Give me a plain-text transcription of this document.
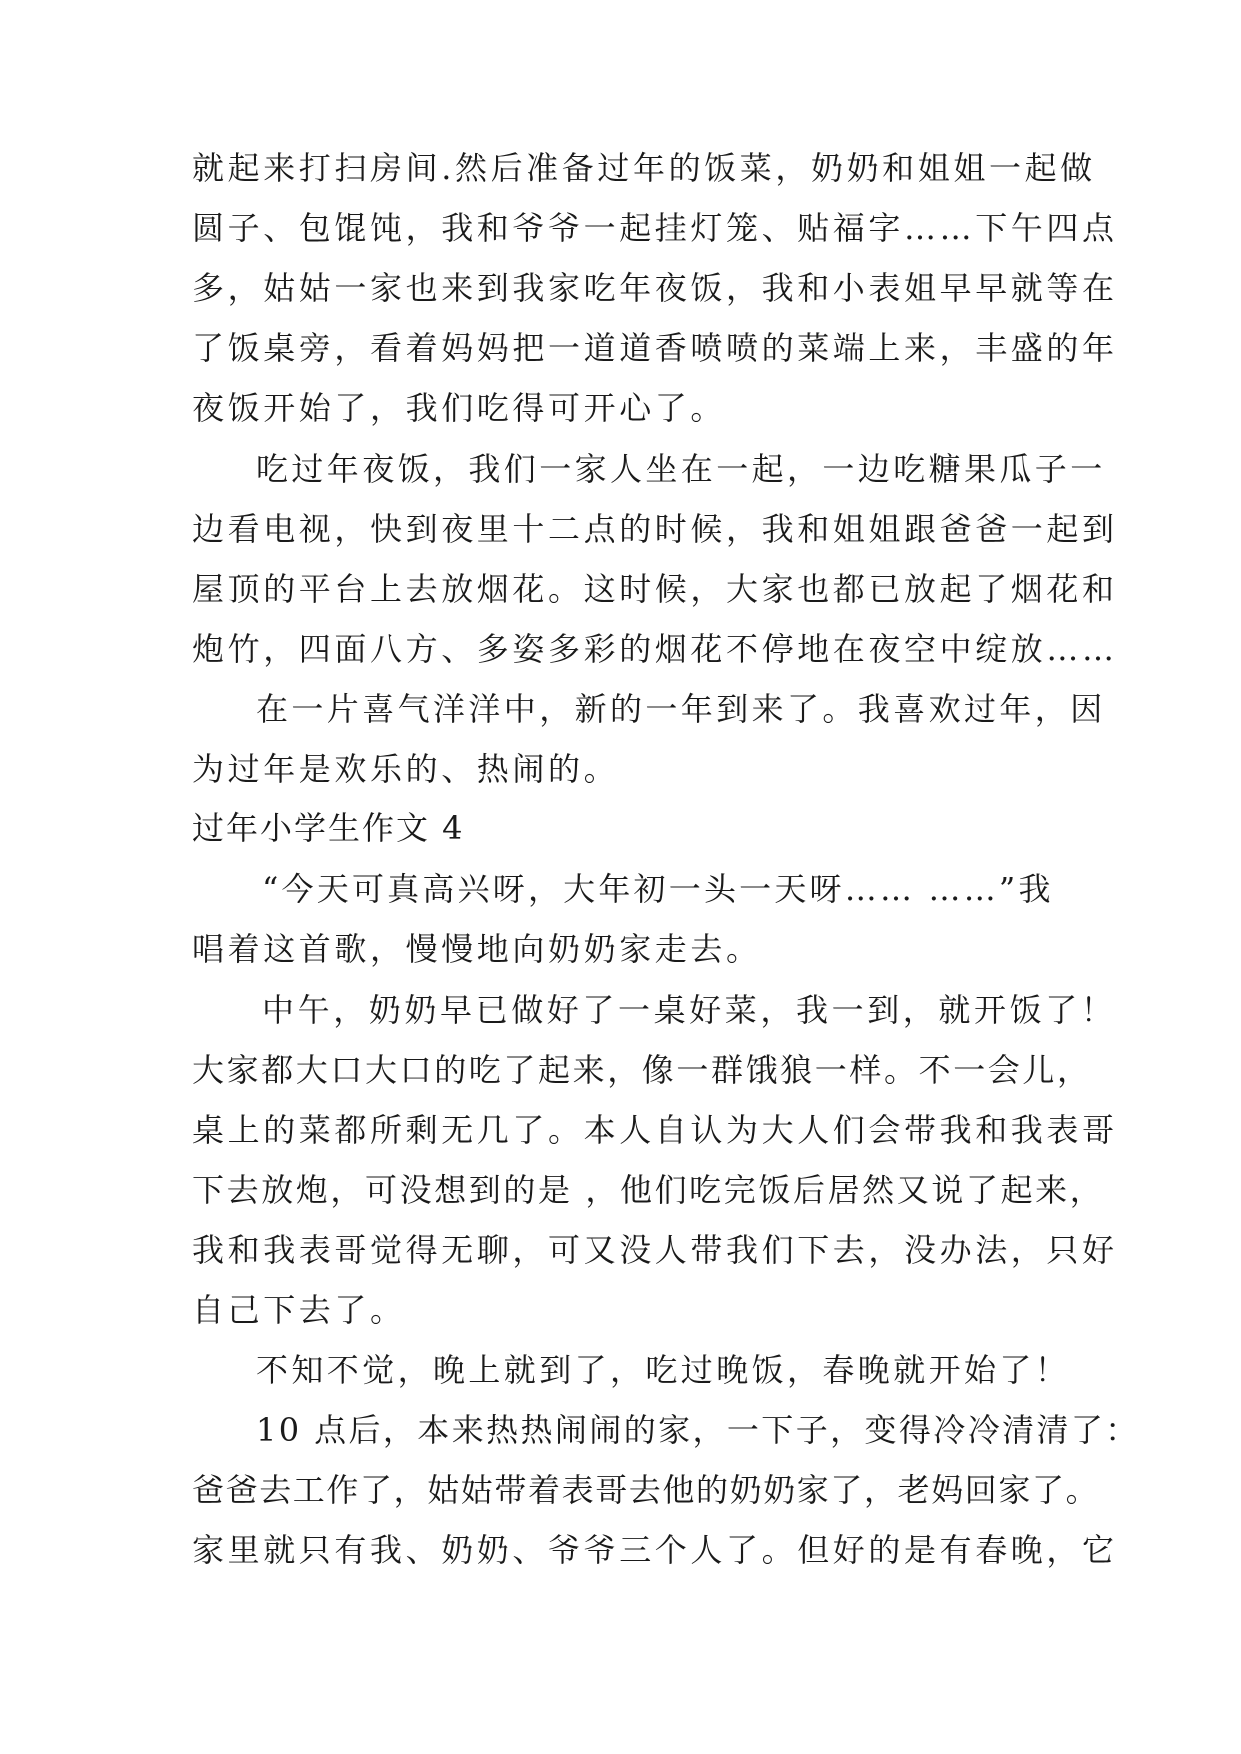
就起来打扫房间.然后准备过年的饭菜，奶奶和姐姐一起做
圆子、包馄饨，我和爷爷一起挂灯笼、贴福字……下午四点
多，姑姑一家也来到我家吃年夜饭，我和小表姐早早就等在
了饭桌旁，看着妈妈把一道道香喷喷的菜端上来，丰盛的年
夜饭开始了，我们吃得可开心了。
吃过年夜饭，我们一家人坐在一起，一边吃糖果瓜子一
边看电视，快到夜里十二点的时候，我和姐姐跟爸爸一起到
屋顶的平台上去放烟花。这时候，大家也都已放起了烟花和
炮竹，四面八方、多姿多彩的烟花不停地在夜空中绽放……
在一片喜气洋洋中，新的一年到来了。我喜欢过年，因
为过年是欢乐的、热闹的。
过年小学生作文 4
“今天可真高兴呀，大年初一头一天呀…… ……”我
唱着这首歌，慢慢地向奶奶家走去。
中午，奶奶早已做好了一桌好菜，我一到，就开饭了！
大家都大口大口的吃了起来，像一群饿狼一样。不一会儿，
桌上的菜都所剩无几了。本人自认为大人们会带我和我表哥
下去放炮，可没想到的是 ，他们吃完饭后居然又说了起来，
我和我表哥觉得无聊，可又没人带我们下去，没办法，只好
自己下去了。
不知不觉，晚上就到了，吃过晚饭，春晚就开始了！
10 点后，本来热热闹闹的家，一下子，变得冷冷清清了：
爸爸去工作了，姑姑带着表哥去他的奶奶家了，老妈回家了。
家里就只有我、奶奶、爷爷三个人了。但好的是有春晚，它
